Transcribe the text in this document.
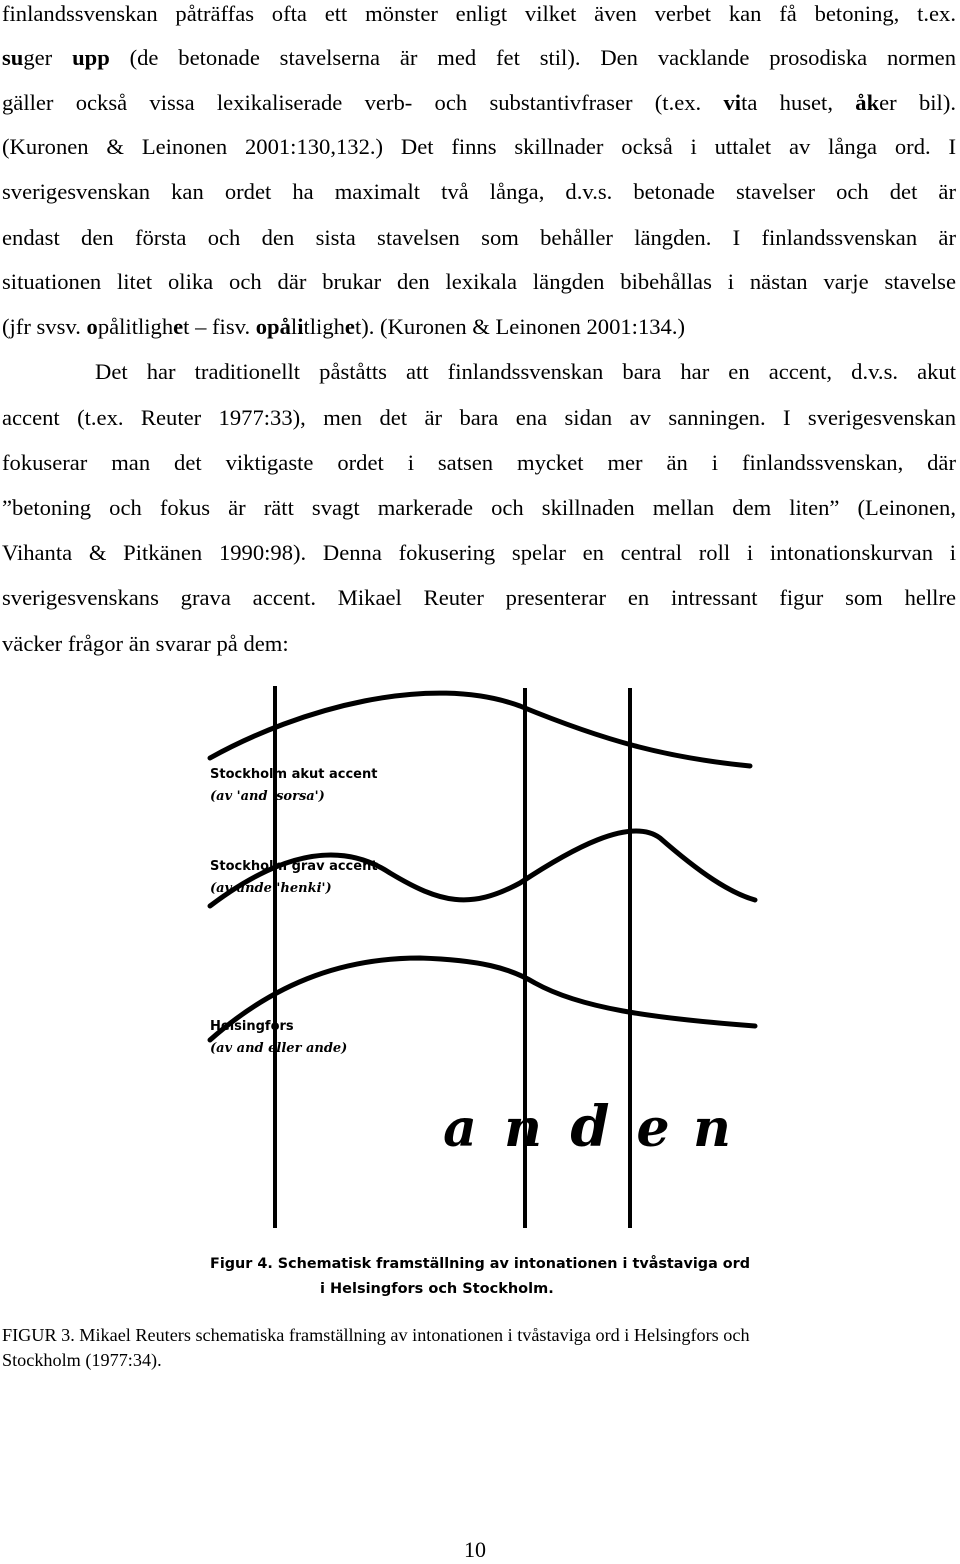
finlandssvenskan påträffas ofta ett mönster enligt vilket även verbet kan få betoning, t.ex.
suger upp (de betonade stavelserna är med fet stil). Den vacklande prosodiska normen
gäller också vissa lexikaliserade verb- och substantivfraser (t.ex. vita huset, åker bil).
(Kuronen & Leinonen 2001:130,132.) Det finns skillnader också i uttalet av långa ord. I
sverigesvenskan kan ordet ha maximalt två långa, d.v.s. betonade stavelser och det är
endast den första och den sista stavelsen som behåller längden. I finlandssvenskan är
situationen litet olika och där brukar den lexikala längden bibehållas i nästan varje stavelse
(jfr svsv. opålitlighet – fisv. opålitlighet). (Kuronen & Leinonen 2001:134.)
Det har traditionellt påståtts att finlandssvenskan bara har en accent, d.v.s. akut
accent (t.ex. Reuter 1977:33), men det är bara ena sidan av sanningen. I sverigesvenskan
fokuserar man det viktigaste ordet i satsen mycket mer än i finlandssvenskan, där
”betoning och fokus är rätt svagt markerade och skillnaden mellan dem liten” (Leinonen,
Vihanta & Pitkänen 1990:98). Denna fokusering spelar en central roll i intonationskurvan i
sverigesvenskans grava accent. Mikael Reuter presenterar en intressant figur som hellre
väcker frågor än svarar på dem:
Stockholm akut accent
(av 'and 'sorsa')
Stockholm grav accent
(av ande 'henki')
Helsingfors
(av and eller ande)
a n d e n
Figur 4. Schematisk framställning av intonationen i tvåstaviga ord
i Helsingfors och Stockholm.
FIGUR 3. Mikael Reuters schematiska framställning av intonationen i tvåstaviga ord i Helsingfors och
Stockholm (1977:34).
10
